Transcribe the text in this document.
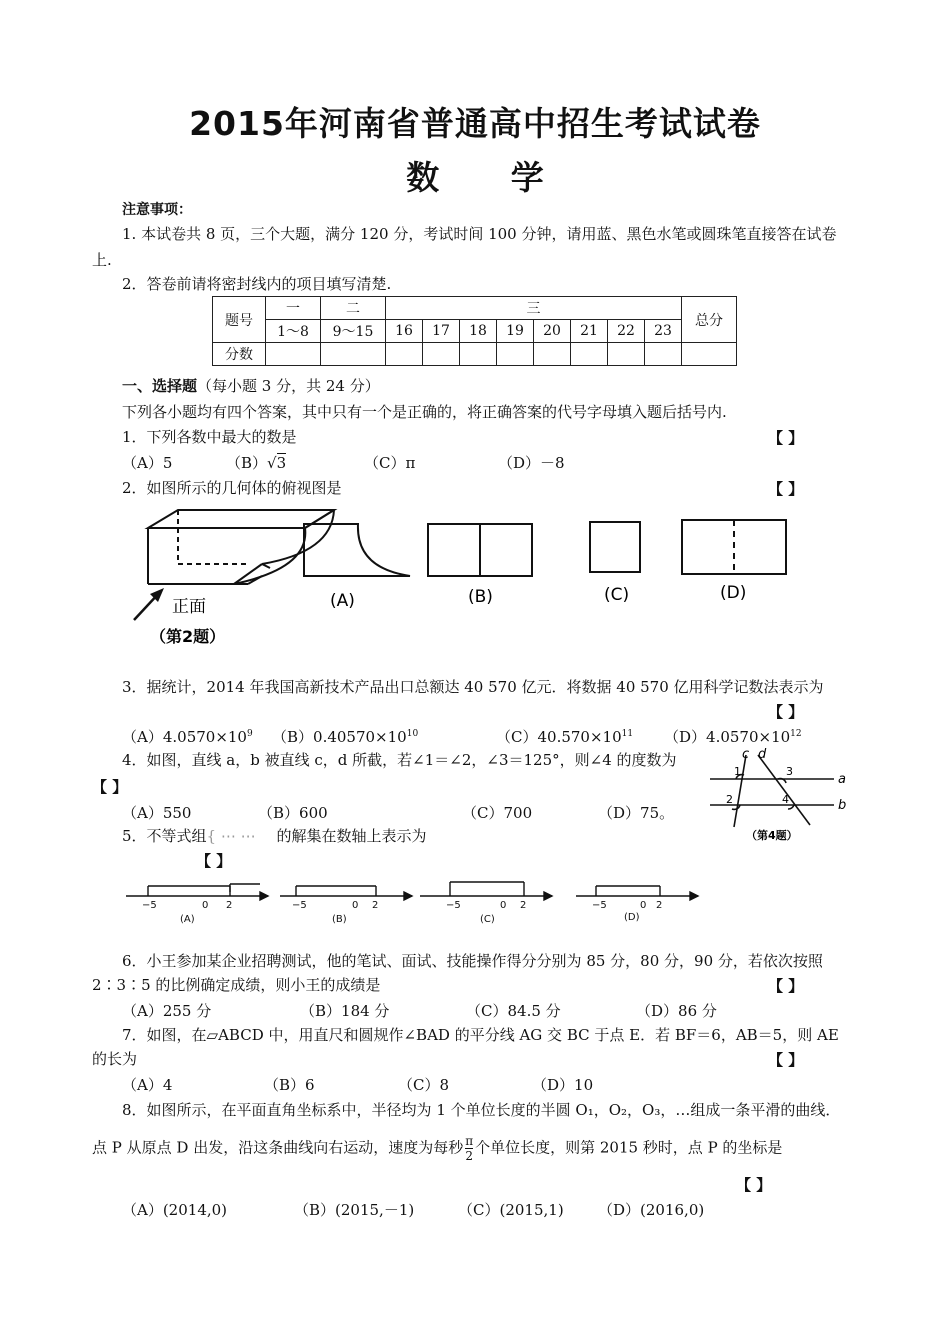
2015年河南省普通高中招生考试试卷
数 学
注意事项：
1. 本试卷共 8 页，三个大题，满分 120 分，考试时间 100 分钟，请用蓝、黑色水笔或圆珠笔直接答在试卷
上.
2．答卷前请将密封线内的项目填写清楚.
题号	一	二	三								总分
	1～8	9～15	16	17	18	19	20	21	22	23	
分数											
一、选择题（每小题 3 分，共 24 分）
下列各小题均有四个答案，其中只有一个是正确的，将正确答案的代号字母填入题后括号内.
1．下列各数中最大的数是	【 】
（A）5	（B）√3	（C）π	（D）－8
2．如图所示的几何体的俯视图是	【 】
正面
（第2题）
(A)	(B)	(C)	(D)
3．据统计，2014 年我国高新技术产品出口总额达 40 570 亿元．将数据 40 570 亿用科学记数法表示为
【 】
$(A)4.0570\times 10^9$ $(B)0.40570\times 10^{10}$	$(C)40.570\times 10^{11}$ $(D)4.0570\times 10^{12}$
4．如图，直线 a，b 被直线 c，d 所截，若∠1＝∠2，∠3＝125°，则∠4 的度数为
【 】
（A）550	（B）600	（C）700	（D）75。
c d
a
b
1
2
3
4
（第4题）
5．不等式组{ ⋯ ⋯ 的解集在数轴上表示为
【 】
−5	0 2
(A)
−5	0 2
(B)
−5	0 2
(C)
−5	0 2
(D)
6．小王参加某企业招聘测试，他的笔试、面试、技能操作得分分别为 85 分，80 分，90 分，若依次按照
2∶3∶5 的比例确定成绩，则小王的成绩是	【 】
（A）255 分	（B）184 分	（C）84.5 分	（D）86 分
7．如图，在▱ABCD 中，用直尺和圆规作∠BAD 的平分线 AG 交 BC 于点 E．若 BF＝6，AB＝5，则 AE
的长为	【 】
（A）4	（B）6	（C）8	（D）10
8．如图所示，在平面直角坐标系中，半径均为 1 个单位长度的半圆 O₁，O₂，O₃，…组成一条平滑的曲线．
点 P 从原点 D 出发，沿这条曲线向右运动，速度为每秒 $\frac{\pi}{2}$ 个单位长度，则第 2015 秒时，点 P 的坐标是
【 】
（A）(2014,0)	（B）(2015,－1)	（C）(2015,1) （D）(2016,0)
